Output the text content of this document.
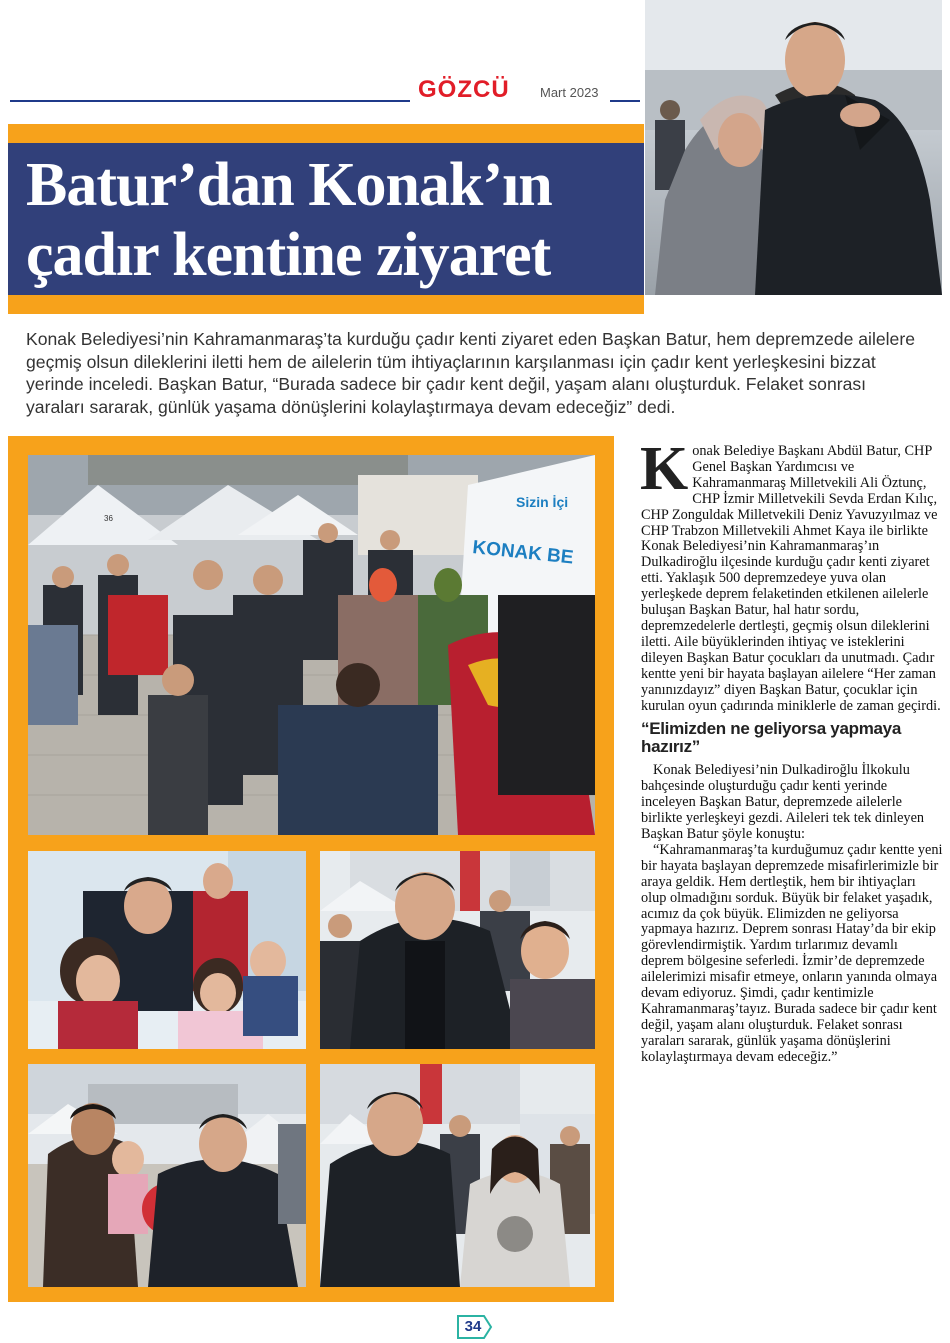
GÖZCÜ Mart 2023
Batur’dan Konak’ın
çadır kentine ziyaret
Konak Belediyesi’nin Kahramanmaraş’ta kurduğu çadır kenti ziyaret eden Başkan Batur, hem depremzede ailelere geçmiş olsun dileklerini iletti hem de ailelerin tüm ihtiyaçlarının karşılanması için çadır kent yerleşkesini bizzat yerinde inceledi. Başkan Batur, “Burada sadece bir çadır kent değil, yaşam alanı oluşturduk. Felaket sonrası yaraları sararak, günlük yaşama dönüşlerini kolaylaştırmaya devam edeceğiz” dedi.
Sizin İçi
KONAK BE
36

Konak Belediye Başkanı Abdül Batur, CHP Genel Başkan Yardımcısı ve Kahramanmaraş Milletvekili Ali Öztunç, CHP İzmir Milletvekili Sevda Erdan Kılıç, CHP Zonguldak Milletvekili Deniz Yavuzyılmaz ve CHP Trabzon Milletvekili Ahmet Kaya ile birlikte Konak Belediyesi’nin Kahramanmaraş’ın Dulkadiroğlu ilçesinde kurduğu çadır kenti ziyaret etti. Yaklaşık 500 depremzedeye yuva olan yerleşkede deprem felaketinden etkilenen ailelerle buluşan Başkan Batur, hal hatır sordu, depremzedelerle dertleşti, geçmiş olsun dileklerini iletti. Aile büyüklerinden ihtiyaç ve isteklerini dileyen Başkan Batur çocukları da unutmadı. Çadır kentte yeni bir hayata başlayan ailelere “Her zaman yanınızdayız” diyen Başkan Batur, çocuklar için kurulan oyun çadırında miniklerle de zaman geçirdi.

“Elimizden ne geliyorsa yapmaya hazırız”

Konak Belediyesi’nin Dulkadiroğlu İlkokulu bahçesinde oluşturduğu çadır kenti yerinde inceleyen Başkan Batur, depremzede ailelerle birlikte yerleşkeyi gezdi. Aileleri tek tek dinleyen Başkan Batur şöyle konuştu:

“Kahramanmaraş’ta kurduğumuz çadır kentte yeni bir hayata başlayan depremzede misafirlerimizle bir araya geldik. Hem dertleştik, hem bir ihtiyaçları olup olmadığını sorduk. Büyük bir felaket yaşadık, acımız da çok büyük. Elimizden ne geliyorsa yapmaya hazırız. Deprem sonrası Hatay’da bir ekip görevlendirmiştik. Yardım tırlarımız devamlı deprem bölgesine seferledi. İzmir’de depremzede ailelerimizi misafir etmeye, onların yanında olmaya devam ediyoruz. Şimdi, çadır kentimizle Kahramanmaraş’tayız. Burada sadece bir çadır kent değil, yaşam alanı oluşturduk. Felaket sonrası yaraları sararak, günlük yaşama dönüşlerini kolaylaştırmaya devam edeceğiz.”

34
